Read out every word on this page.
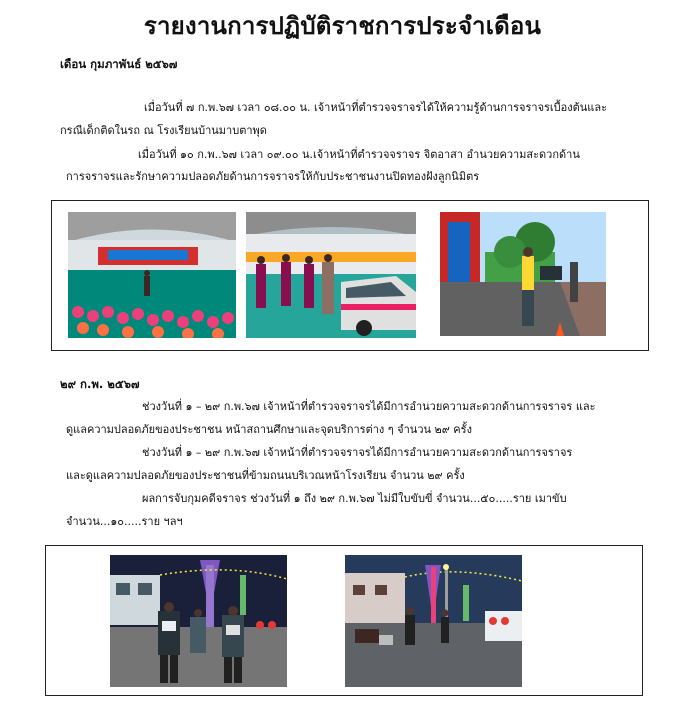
รายงานการปฏิบัติราชการประจำเดือน
เดือน กุมภาพันธ์ ๒๕๖๗
เมื่อวันที่ ๗ ก.พ.๖๗ เวลา ๐๘.๐๐ น. เจ้าหน้าที่ตำรวจจราจรได้ให้ความรู้ด้านการจราจรเบื้องต้นและ
กรณีเด็กติดในรถ ณ โรงเรียนบ้านมาบตาพุด
เมื่อวันที่ ๑๐ ก.พ..๖๗ เวลา ๐๙.๐๐ น.เจ้าหน้าที่ตำรวจจราจร จิตอาสา อำนวยความสะดวกด้าน
การจราจรและรักษาความปลอดภัยด้านการจราจรให้กับประชาชนงานปิดทองฝังลูกนิมิตร
๒๙ ก.พ. ๒๕๖๗
ช่วงวันที่ ๑ – ๒๙ ก.พ.๖๗ เจ้าหน้าที่ตำรวจจราจรได้มีการอำนวยความสะดวกด้านการจราจร และ
ดูแลความปลอดภัยของประชาชน หน้าสถานศึกษาและจุดบริการต่าง ๆ จำนวน ๒๙ ครั้ง
ช่วงวันที่ ๑ – ๒๙ ก.พ.๖๗ เจ้าหน้าที่ตำรวจจราจรได้มีการอำนวยความสะดวกด้านการจราจร
และดูแลความปลอดภัยของประชาชนที่ข้ามถนนบริเวณหน้าโรงเรียน จำนวน ๒๙ ครั้ง
ผลการจับกุมคดีจราจร ช่วงวันที่ ๑ ถึง ๒๙ ก.พ.๖๗ ไม่มีใบขับขี่ จำนวน...๕๐.....ราย เมาขับ
จำนวน...๑๐.....ราย ฯลฯ
